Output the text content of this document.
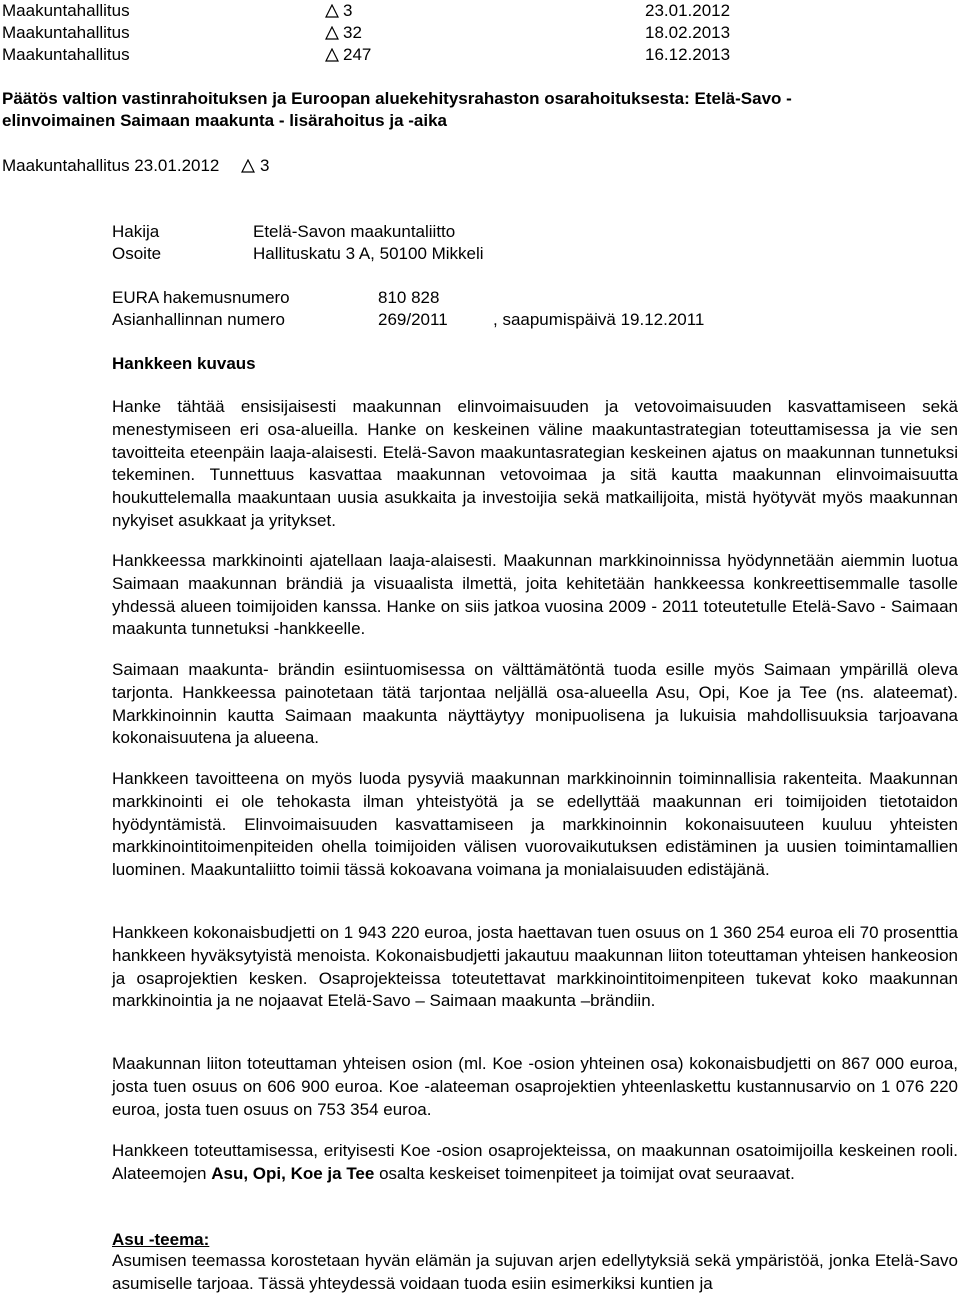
Maakuntahallitus	3	23.01.2012
Maakuntahallitus	32	18.02.2013
Maakuntahallitus	247	16.12.2013
Päätös valtion vastinrahoituksen ja Euroopan aluekehitysrahaston osarahoituksesta: Etelä-Savo -
elinvoimainen Saimaan maakunta - lisärahoitus ja -aika
Maakuntahallitus 23.01.2012 3
Hakija	Etelä-Savon maakuntaliitto
Osoite	Hallituskatu 3 A, 50100 Mikkeli
EURA hakemusnumero	810 828
Asianhallinnan numero	269/2011	, saapumispäivä 19.12.2011
Hankkeen kuvaus

Hanke tähtää ensisijaisesti maakunnan elinvoimaisuuden ja vetovoimaisuuden kasvattamiseen sekä menestymiseen eri osa-alueilla. Hanke on keskeinen väline maakuntastrategian toteuttamisessa ja vie sen tavoitteita eteenpäin laaja-alaisesti. Etelä-Savon maakuntasrategian keskeinen ajatus on maakunnan tunnetuksi tekeminen. Tunnettuus kasvattaa maakunnan vetovoimaa ja sitä kautta maakunnan elinvoimaisuutta houkuttelemalla maakuntaan uusia asukkaita ja investoijia sekä matkailijoita, mistä hyötyvät myös maakunnan nykyiset asukkaat ja yritykset.

Hankkeessa markkinointi ajatellaan laaja-alaisesti. Maakunnan markkinoinnissa hyödynnetään aiemmin luotua Saimaan maakunnan brändiä ja visuaalista ilmettä, joita kehitetään hankkeessa konkreettisemmalle tasolle yhdessä alueen toimijoiden kanssa. Hanke on siis jatkoa vuosina 2009 - 2011 toteutetulle Etelä-Savo - Saimaan maakunta tunnetuksi -hankkeelle.

Saimaan maakunta- brändin esiintuomisessa on välttämätöntä tuoda esille myös Saimaan ympärillä oleva tarjonta. Hankkeessa painotetaan tätä tarjontaa neljällä osa-alueella Asu, Opi, Koe ja Tee (ns. alateemat). Markkinoinnin kautta Saimaan maakunta näyttäytyy monipuolisena ja lukuisia mahdollisuuksia tarjoavana kokonaisuutena ja alueena.

Hankkeen tavoitteena on myös luoda pysyviä maakunnan markkinoinnin toiminnallisia rakenteita. Maakunnan markkinointi ei ole tehokasta ilman yhteistyötä ja se edellyttää maakunnan eri toimijoiden tietotaidon hyödyntämistä. Elinvoimaisuuden kasvattamiseen ja markkinoinnin kokonaisuuteen kuuluu yhteisten markkinointitoimenpiteiden ohella toimijoiden välisen vuorovaikutuksen edistäminen ja uusien toimintamallien luominen. Maakuntaliitto toimii tässä kokoavana voimana ja monialaisuuden edistäjänä.

Hankkeen kokonaisbudjetti on 1 943 220 euroa, josta haettavan tuen osuus on 1 360 254 euroa eli 70 prosenttia hankkeen hyväksytyistä menoista. Kokonaisbudjetti jakautuu maakunnan liiton toteuttaman yhteisen hankeosion ja osaprojektien kesken. Osaprojekteissa toteutettavat markkinointitoimenpiteen tukevat koko maakunnan markkinointia ja ne nojaavat Etelä-Savo – Saimaan maakunta –brändiin.

Maakunnan liiton toteuttaman yhteisen osion (ml. Koe -osion yhteinen osa) kokonaisbudjetti on 867 000 euroa, josta tuen osuus on 606 900 euroa. Koe -alateeman osaprojektien yhteenlaskettu kustannusarvio on 1 076 220 euroa, josta tuen osuus on 753 354 euroa.

Hankkeen toteuttamisessa, erityisesti Koe -osion osaprojekteissa, on maakunnan osatoimijoilla keskeinen rooli. Alateemojen Asu, Opi, Koe ja Tee osalta keskeiset toimenpiteet ja toimijat ovat seuraavat.

Asu -teema:

Asumisen teemassa korostetaan hyvän elämän ja sujuvan arjen edellytyksiä sekä ympäristöä, jonka Etelä-Savo asumiselle tarjoaa. Tässä yhteydessä voidaan tuoda esiin esimerkiksi kuntien ja
